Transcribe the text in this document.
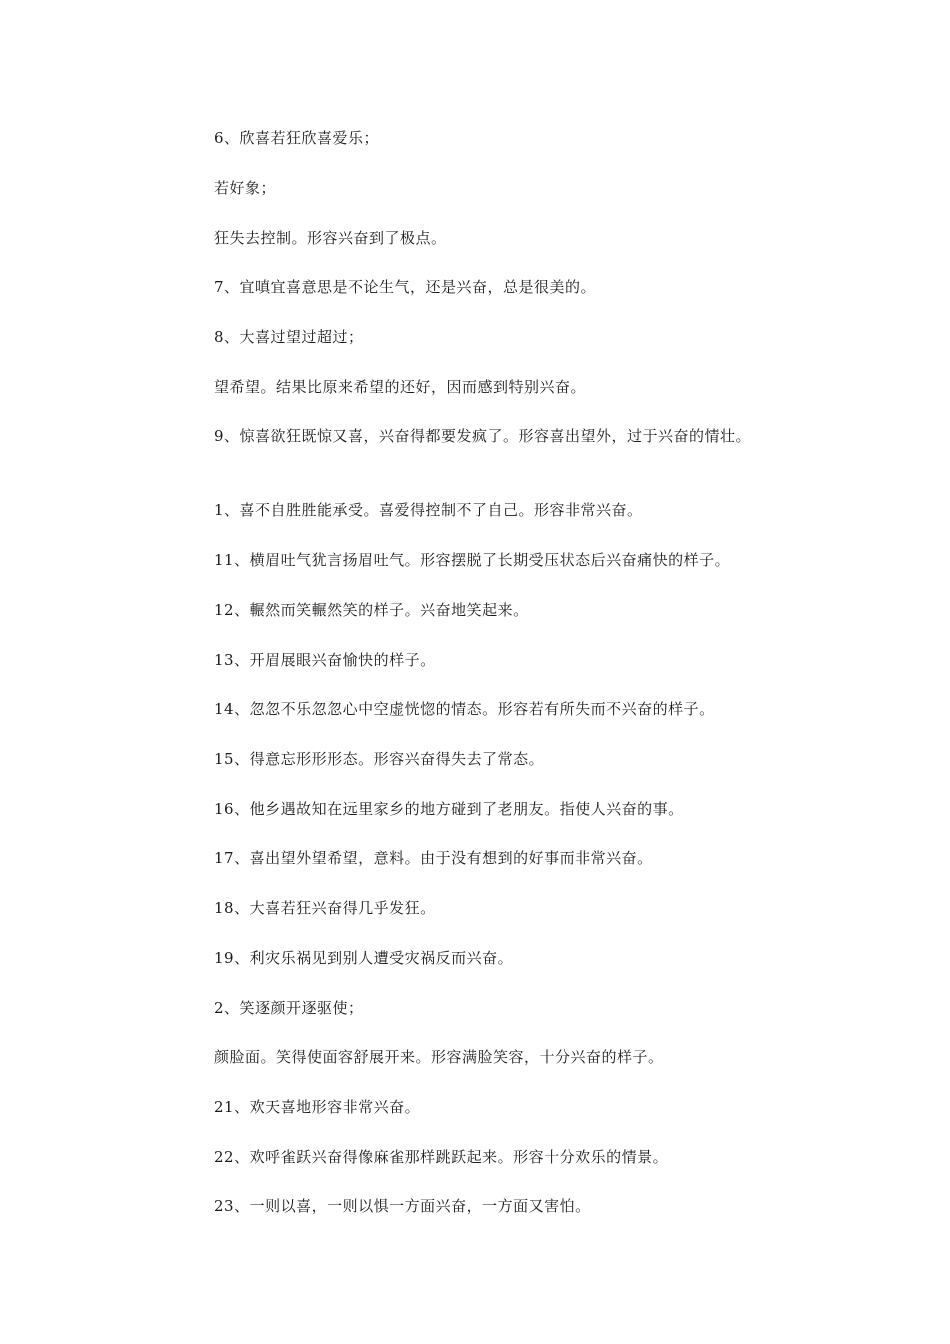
6、欣喜若狂欣喜爱乐；

若好象；

狂失去控制。形容兴奋到了极点。

7、宜嗔宜喜意思是不论生气，还是兴奋，总是很美的。

8、大喜过望过超过；

望希望。结果比原来希望的还好，因而感到特别兴奋。

9、惊喜欲狂既惊又喜，兴奋得都要发疯了。形容喜出望外，过于兴奋的情壮。

1、喜不自胜胜能承受。喜爱得控制不了自己。形容非常兴奋。

11、横眉吐气犹言扬眉吐气。形容摆脱了长期受压状态后兴奋痛快的样子。

12、輾然而笑輾然笑的样子。兴奋地笑起来。

13、开眉展眼兴奋愉快的样子。

14、忽忽不乐忽忽心中空虚恍惚的情态。形容若有所失而不兴奋的样子。

15、得意忘形形形态。形容兴奋得失去了常态。

16、他乡遇故知在远里家乡的地方碰到了老朋友。指使人兴奋的事。

17、喜出望外望希望，意料。由于没有想到的好事而非常兴奋。

18、大喜若狂兴奋得几乎发狂。

19、利灾乐祸见到别人遭受灾祸反而兴奋。

2、笑逐颜开逐驱使；

颜脸面。笑得使面容舒展开来。形容满脸笑容，十分兴奋的样子。

21、欢天喜地形容非常兴奋。

22、欢呼雀跃兴奋得像麻雀那样跳跃起来。形容十分欢乐的情景。

23、一则以喜，一则以惧一方面兴奋，一方面又害怕。
